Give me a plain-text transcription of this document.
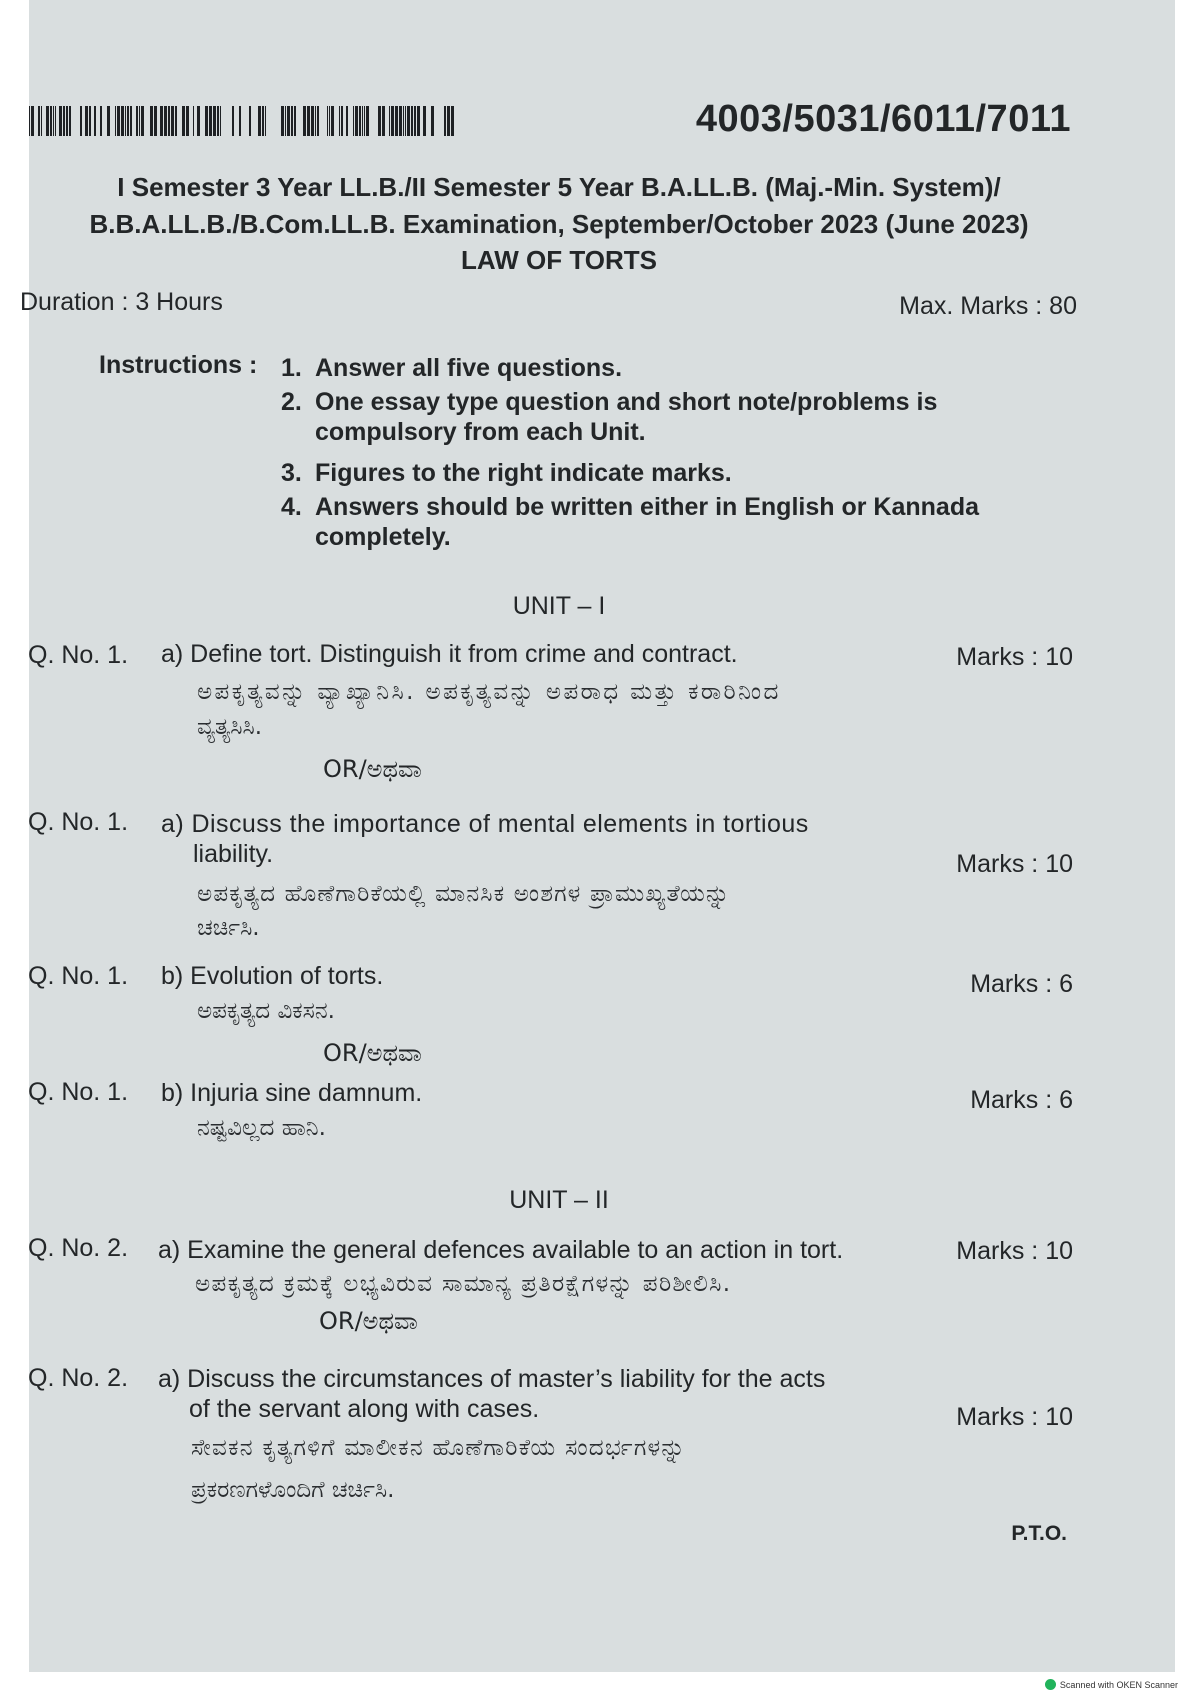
4003/5031/6011/7011
I Semester 3 Year LL.B./II Semester 5 Year B.A.LL.B. (Maj.-Min. System)/
B.B.A.LL.B./B.Com.LL.B. Examination, September/October 2023 (June 2023)
LAW OF TORTS
Duration : 3 Hours	Max. Marks : 80
Instructions : 1. Answer all five questions.
2. One essay type question and short note/problems is
compulsory from each Unit.
3. Figures to the right indicate marks.
4. Answers should be written either in English or Kannada
completely.
UNIT – I
Q. No. 1. a) Define tort. Distinguish it from crime and contract.
ಅಪಕೃತ್ಯವನ್ನು ವ್ಯಾಖ್ಯಾನಿಸಿ. ಅಪಕೃತ್ಯವನ್ನು ಅಪರಾಧ ಮತ್ತು ಕರಾರಿನಿಂದ
ವ್ಯತ್ಯಸಿಸಿ.
Marks : 10
OR/ಅಥವಾ
Q. No. 1. a) Discuss the importance of mental elements in tortious
liability.
ಅಪಕೃತ್ಯದ ಹೊಣೆಗಾರಿಕೆಯಲ್ಲಿ ಮಾನಸಿಕ ಅಂಶಗಳ ಪ್ರಾಮುಖ್ಯತೆಯನ್ನು
ಚರ್ಚಿಸಿ.
Marks : 10
Q. No. 1. b) Evolution of torts.
ಅಪಕೃತ್ಯದ ವಿಕಸನ.
Marks : 6
OR/ಅಥವಾ
Q. No. 1. b) Injuria sine damnum.
ನಷ್ಟವಿಲ್ಲದ ಹಾನಿ.
Marks : 6
UNIT – II
Q. No. 2. a) Examine the general defences available to an action in tort.
ಅಪಕೃತ್ಯದ ಕ್ರಮಕ್ಕೆ ಲಭ್ಯವಿರುವ ಸಾಮಾನ್ಯ ಪ್ರತಿರಕ್ಷೆಗಳನ್ನು ಪರಿಶೀಲಿಸಿ.
Marks : 10
OR/ಅಥವಾ
Q. No. 2. a) Discuss the circumstances of master’s liability for the acts
of the servant along with cases.
ಸೇವಕನ ಕೃತ್ಯಗಳಿಗೆ ಮಾಲೀಕನ ಹೊಣೆಗಾರಿಕೆಯ ಸಂದರ್ಭಗಳನ್ನು
ಪ್ರಕರಣಗಳೊಂದಿಗೆ ಚರ್ಚಿಸಿ.
Marks : 10
P.T.O.
Scanned with OKEN Scanner
